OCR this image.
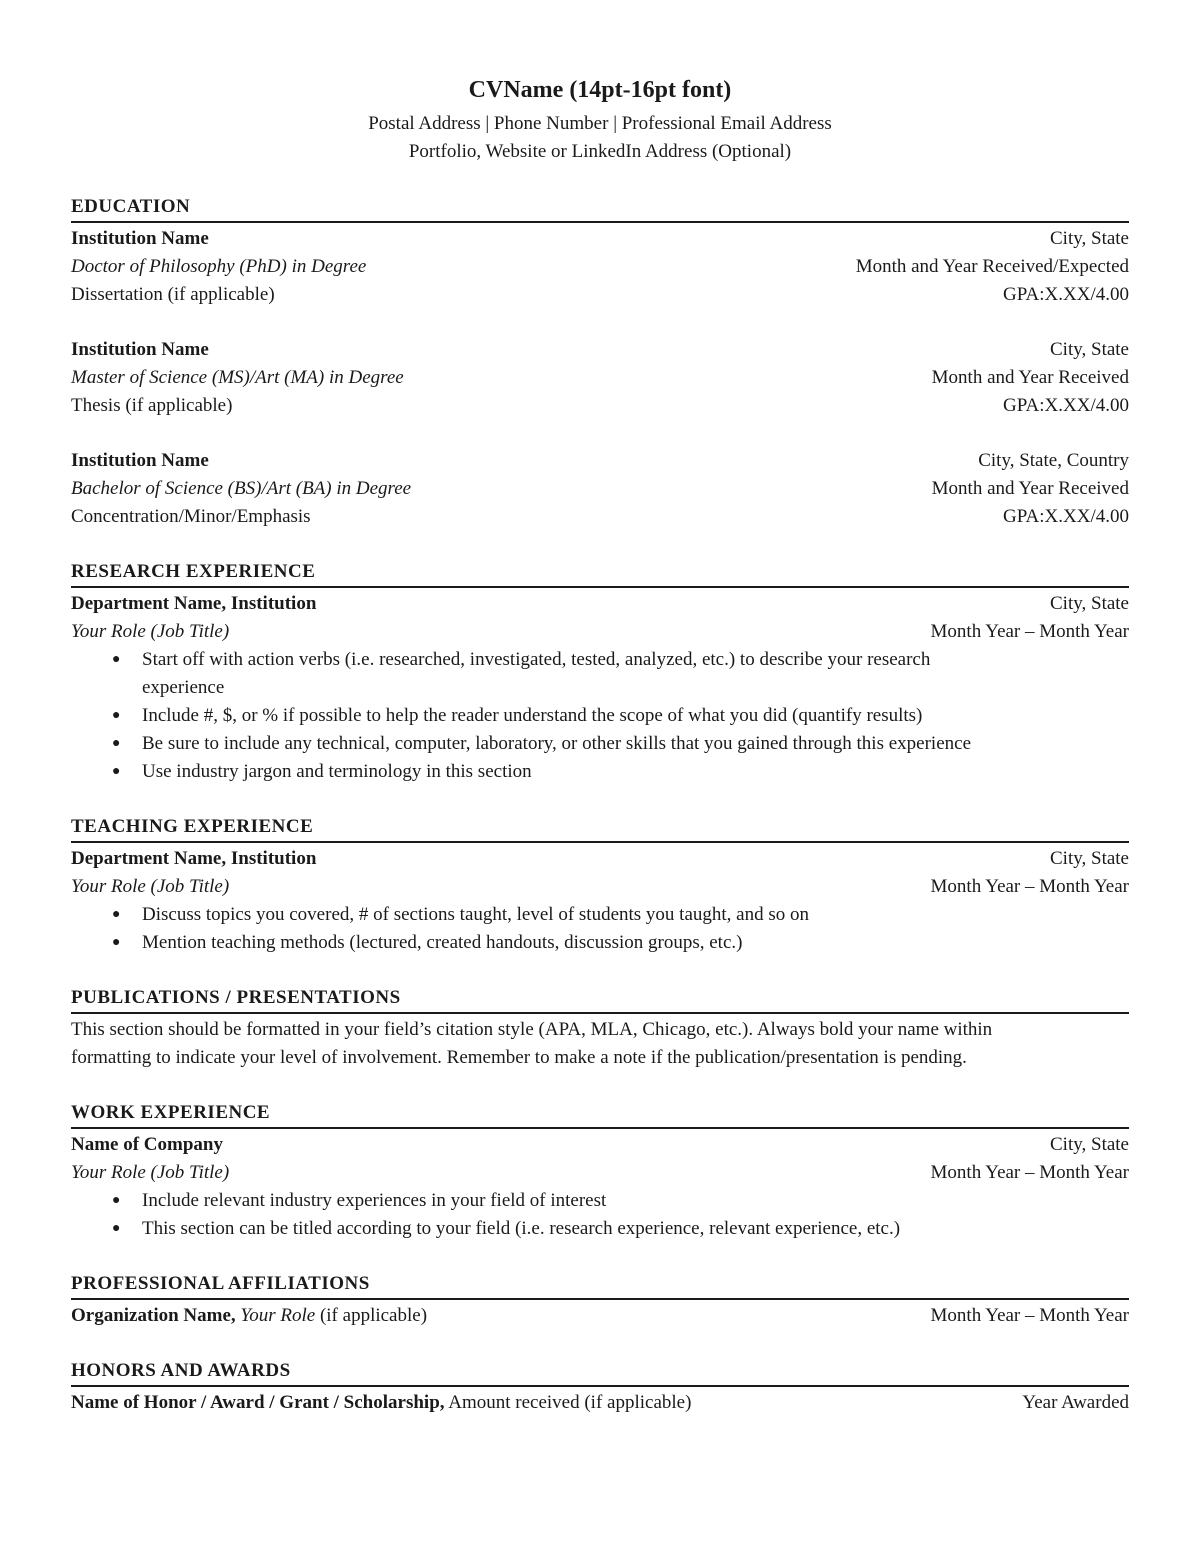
CVName (14pt-16pt font)
Postal Address | Phone Number | Professional Email Address
Portfolio, Website or LinkedIn Address (Optional)
EDUCATION
Institution Name	City, State
Doctor of Philosophy (PhD) in Degree	Month and Year Received/Expected
Dissertation (if applicable)	GPA:X.XX/4.00
Institution Name	City, State
Master of Science (MS)/Art (MA) in Degree	Month and Year Received
Thesis (if applicable)	GPA:X.XX/4.00
Institution Name	City, State, Country
Bachelor of Science (BS)/Art (BA) in Degree	Month and Year Received
Concentration/Minor/Emphasis	GPA:X.XX/4.00
RESEARCH EXPERIENCE
Department Name, Institution	City, State
Your Role (Job Title)	Month Year – Month Year
● Start off with action verbs (i.e. researched, investigated, tested, analyzed, etc.) to describe your research
experience
● Include #, $, or % if possible to help the reader understand the scope of what you did (quantify results)
● Be sure to include any technical, computer, laboratory, or other skills that you gained through this experience
● Use industry jargon and terminology in this section
TEACHING EXPERIENCE
Department Name, Institution	City, State
Your Role (Job Title)	Month Year – Month Year
● Discuss topics you covered, # of sections taught, level of students you taught, and so on
● Mention teaching methods (lectured, created handouts, discussion groups, etc.)
PUBLICATIONS / PRESENTATIONS
This section should be formatted in your field’s citation style (APA, MLA, Chicago, etc.). Always bold your name within
formatting to indicate your level of involvement. Remember to make a note if the publication/presentation is pending.
WORK EXPERIENCE
Name of Company	City, State
Your Role (Job Title)	Month Year – Month Year
● Include relevant industry experiences in your field of interest
● This section can be titled according to your field (i.e. research experience, relevant experience, etc.)
PROFESSIONAL AFFILIATIONS
Organization Name, Your Role (if applicable)	Month Year – Month Year
HONORS AND AWARDS
Name of Honor / Award / Grant / Scholarship, Amount received (if applicable)	Year Awarded
